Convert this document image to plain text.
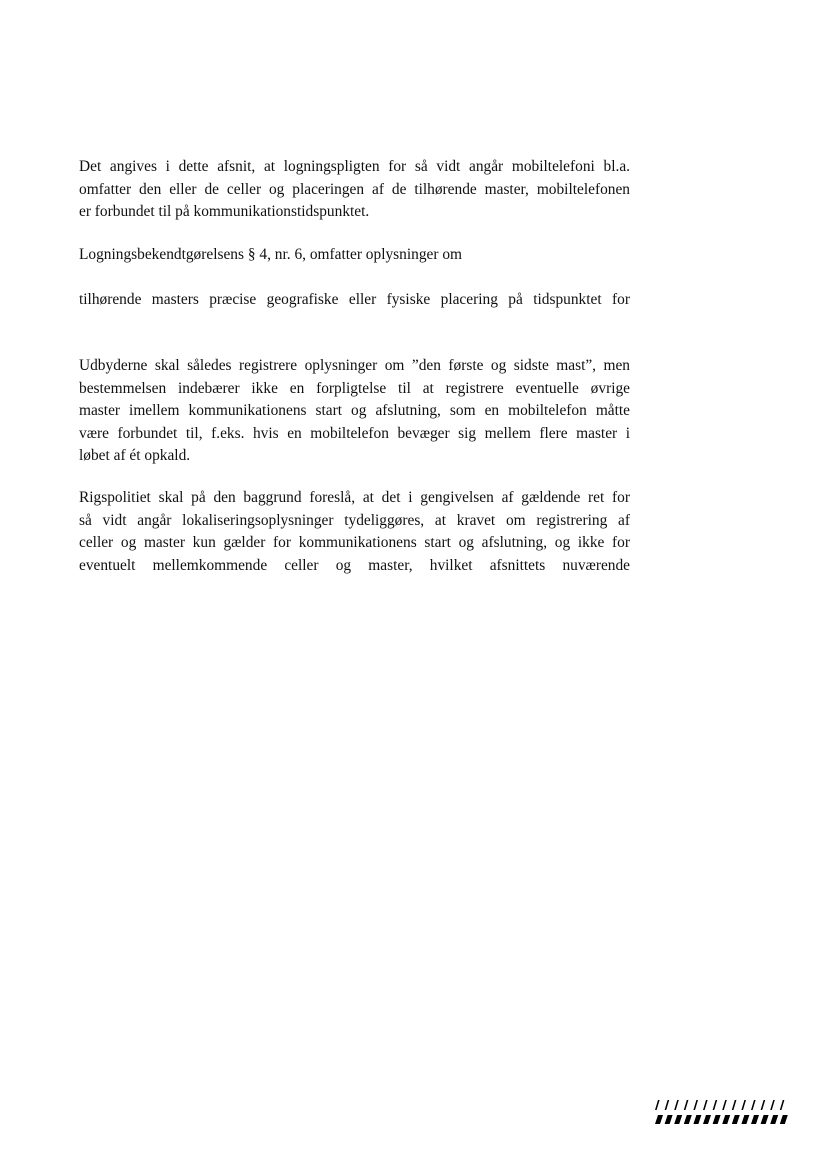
Det angives i dette afsnit, at logningspligten for så vidt angår mobiltelefoni bl.a.
omfatter den eller de celler og placeringen af de tilhørende master, mobiltelefonen
er forbundet til på kommunikationstidspunktet.
Logningsbekendtgørelsens § 4, nr. 6, omfatter oplysninger om
tilhørende masters præcise geografiske eller fysiske placering på tidspunktet for
Udbyderne skal således registrere oplysninger om ”den første og sidste mast”, men
bestemmelsen indebærer ikke en forpligtelse til at registrere eventuelle øvrige
master imellem kommunikationens start og afslutning, som en mobiltelefon måtte
være forbundet til, f.eks. hvis en mobiltelefon bevæger sig mellem flere master i
løbet af ét opkald.
Rigspolitiet skal på den baggrund foreslå, at det i gengivelsen af gældende ret for
så vidt angår lokaliseringsoplysninger tydeliggøres, at kravet om registrering af
celler og master kun gælder for kommunikationens start og afslutning, og ikke for
eventuelt mellemkommende celler og master, hvilket afsnittets nuværende
